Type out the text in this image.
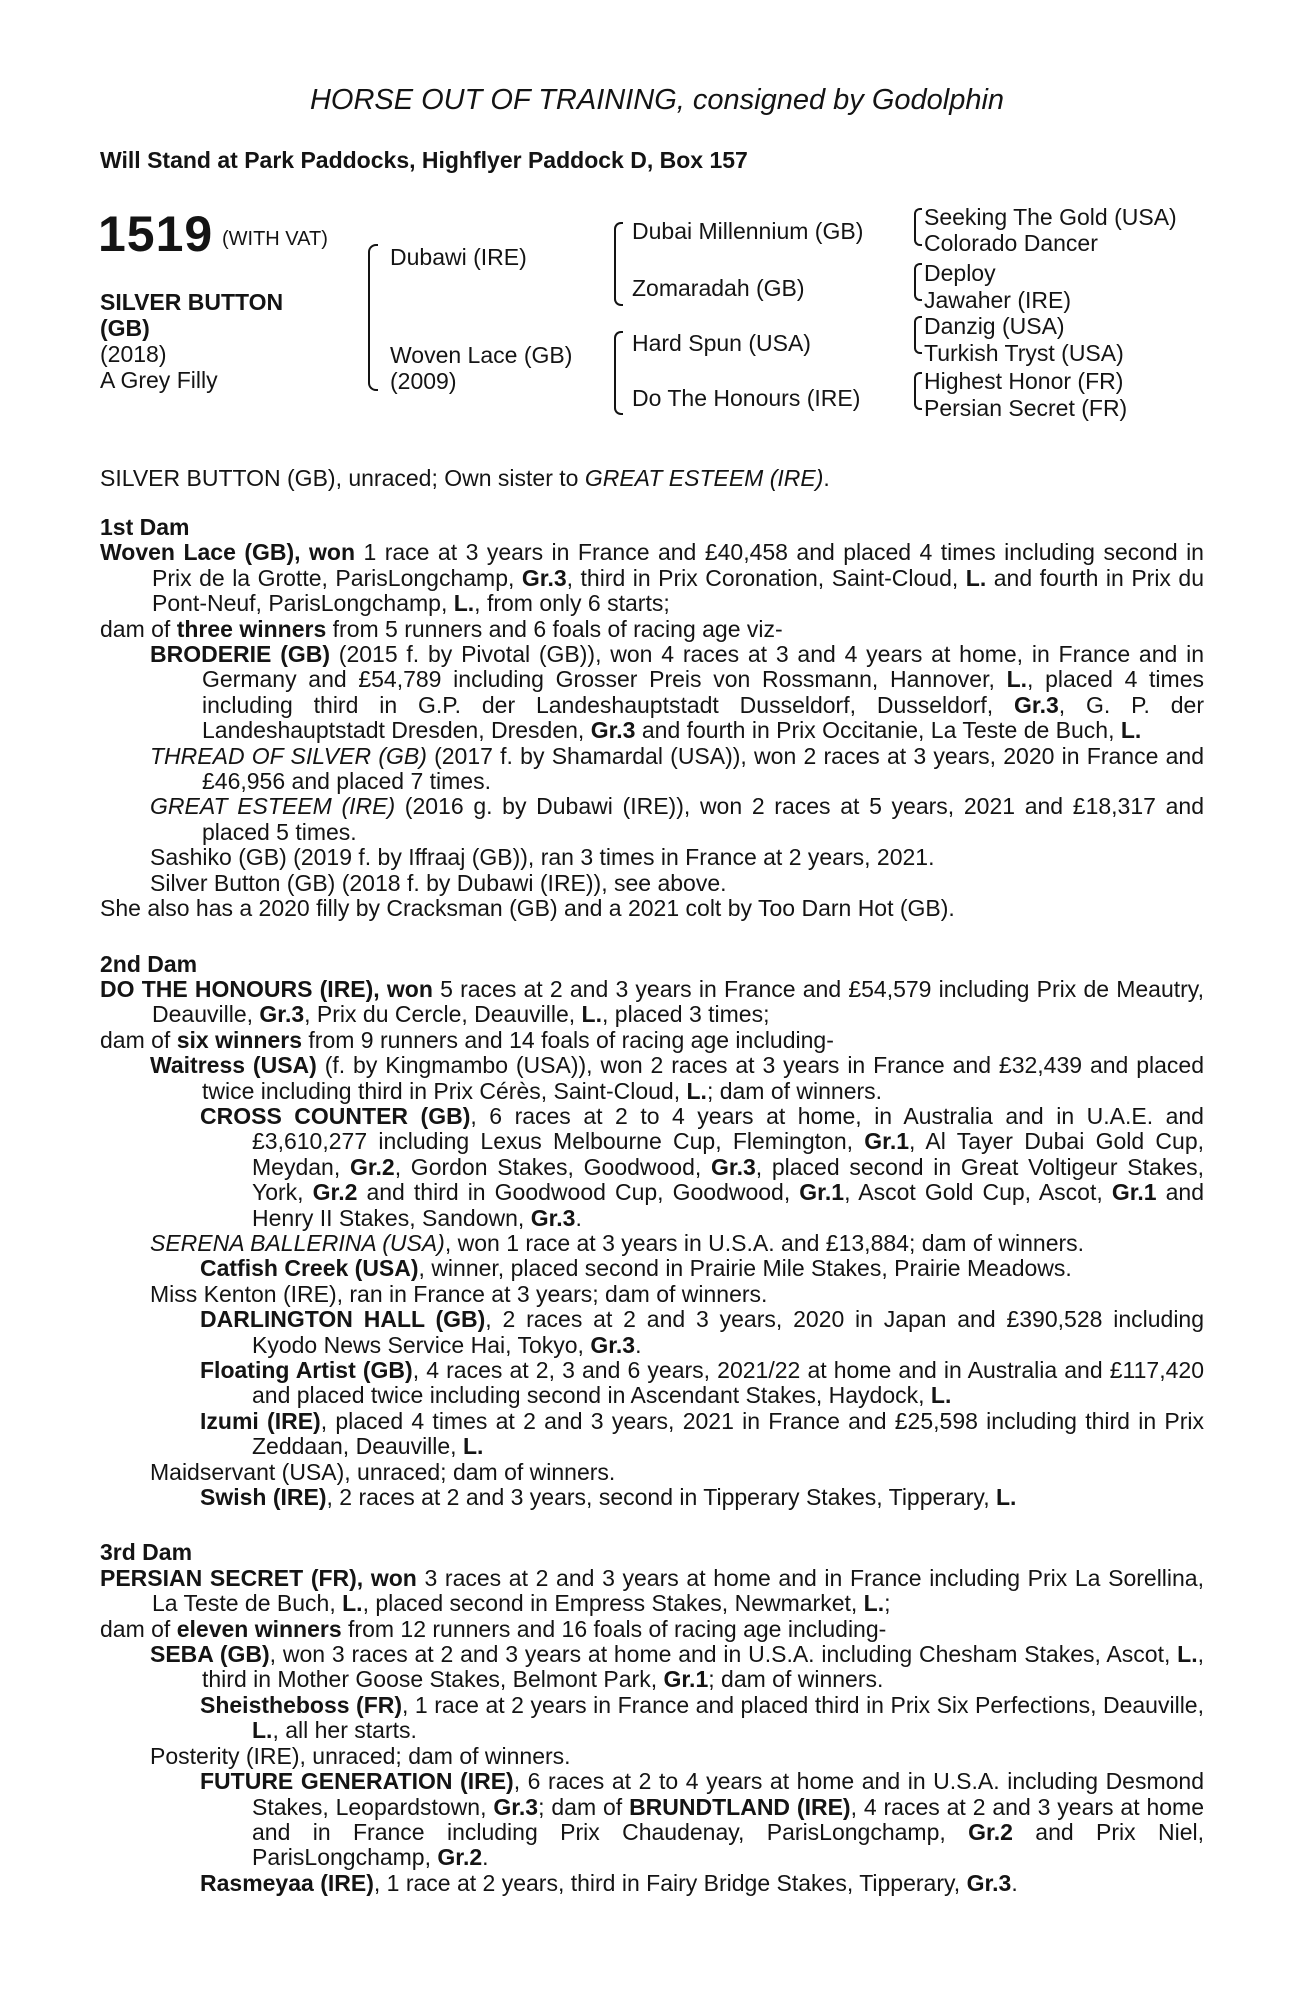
HORSE OUT OF TRAINING, consigned by Godolphin
Will Stand at Park Paddocks, Highflyer Paddock D, Box 157
1519 (WITH VAT)
SILVER BUTTON
(GB)
(2018)
A Grey Filly
Dubawi (IRE)
Woven Lace (GB)
(2009)
Dubai Millennium (GB)
Zomaradah (GB)
Hard Spun (USA)
Do The Honours (IRE)
Seeking The Gold (USA)
Colorado Dancer
Deploy
Jawaher (IRE)
Danzig (USA)
Turkish Tryst (USA)
Highest Honor (FR)
Persian Secret (FR)
SILVER BUTTON (GB), unraced; Own sister to GREAT ESTEEM (IRE).

1st Dam

Woven Lace (GB), won 1 race at 3 years in France and £40,458 and placed 4 times including second in Prix de la Grotte, ParisLongchamp, Gr.3, third in Prix Coronation, Saint-Cloud, L. and fourth in Prix du Pont-Neuf, ParisLongchamp, L., from only 6 starts;

dam of three winners from 5 runners and 6 foals of racing age viz-

BRODERIE (GB) (2015 f. by Pivotal (GB)), won 4 races at 3 and 4 years at home, in France and in Germany and £54,789 including Grosser Preis von Rossmann, Hannover, L., placed 4 times including third in G.P. der Landeshauptstadt Dusseldorf, Dusseldorf, Gr.3, G. P. der Landeshauptstadt Dresden, Dresden, Gr.3 and fourth in Prix Occitanie, La Teste de Buch, L.

THREAD OF SILVER (GB) (2017 f. by Shamardal (USA)), won 2 races at 3 years, 2020 in France and £46,956 and placed 7 times.

GREAT ESTEEM (IRE) (2016 g. by Dubawi (IRE)), won 2 races at 5 years, 2021 and £18,317 and placed 5 times.

Sashiko (GB) (2019 f. by Iffraaj (GB)), ran 3 times in France at 2 years, 2021.

Silver Button (GB) (2018 f. by Dubawi (IRE)), see above.

She also has a 2020 filly by Cracksman (GB) and a 2021 colt by Too Darn Hot (GB).

2nd Dam

DO THE HONOURS (IRE), won 5 races at 2 and 3 years in France and £54,579 including Prix de Meautry, Deauville, Gr.3, Prix du Cercle, Deauville, L., placed 3 times;

dam of six winners from 9 runners and 14 foals of racing age including-

Waitress (USA) (f. by Kingmambo (USA)), won 2 races at 3 years in France and £32,439 and placed twice including third in Prix Cérès, Saint-Cloud, L.; dam of winners.

CROSS COUNTER (GB), 6 races at 2 to 4 years at home, in Australia and in U.A.E. and £3,610,277 including Lexus Melbourne Cup, Flemington, Gr.1, Al Tayer Dubai Gold Cup, Meydan, Gr.2, Gordon Stakes, Goodwood, Gr.3, placed second in Great Voltigeur Stakes, York, Gr.2 and third in Goodwood Cup, Goodwood, Gr.1, Ascot Gold Cup, Ascot, Gr.1 and Henry II Stakes, Sandown, Gr.3.

SERENA BALLERINA (USA), won 1 race at 3 years in U.S.A. and £13,884; dam of winners.

Catfish Creek (USA), winner, placed second in Prairie Mile Stakes, Prairie Meadows.

Miss Kenton (IRE), ran in France at 3 years; dam of winners.

DARLINGTON HALL (GB), 2 races at 2 and 3 years, 2020 in Japan and £390,528 including Kyodo News Service Hai, Tokyo, Gr.3.

Floating Artist (GB), 4 races at 2, 3 and 6 years, 2021/22 at home and in Australia and £117,420 and placed twice including second in Ascendant Stakes, Haydock, L.

Izumi (IRE), placed 4 times at 2 and 3 years, 2021 in France and £25,598 including third in Prix Zeddaan, Deauville, L.

Maidservant (USA), unraced; dam of winners.

Swish (IRE), 2 races at 2 and 3 years, second in Tipperary Stakes, Tipperary, L.

3rd Dam

PERSIAN SECRET (FR), won 3 races at 2 and 3 years at home and in France including Prix La Sorellina, La Teste de Buch, L., placed second in Empress Stakes, Newmarket, L.;

dam of eleven winners from 12 runners and 16 foals of racing age including-

SEBA (GB), won 3 races at 2 and 3 years at home and in U.S.A. including Chesham Stakes, Ascot, L., third in Mother Goose Stakes, Belmont Park, Gr.1; dam of winners.

Sheistheboss (FR), 1 race at 2 years in France and placed third in Prix Six Perfections, Deauville, L., all her starts.

Posterity (IRE), unraced; dam of winners.

FUTURE GENERATION (IRE), 6 races at 2 to 4 years at home and in U.S.A. including Desmond Stakes, Leopardstown, Gr.3; dam of BRUNDTLAND (IRE), 4 races at 2 and 3 years at home and in France including Prix Chaudenay, ParisLongchamp, Gr.2 and Prix Niel, ParisLongchamp, Gr.2.

Rasmeyaa (IRE), 1 race at 2 years, third in Fairy Bridge Stakes, Tipperary, Gr.3.
